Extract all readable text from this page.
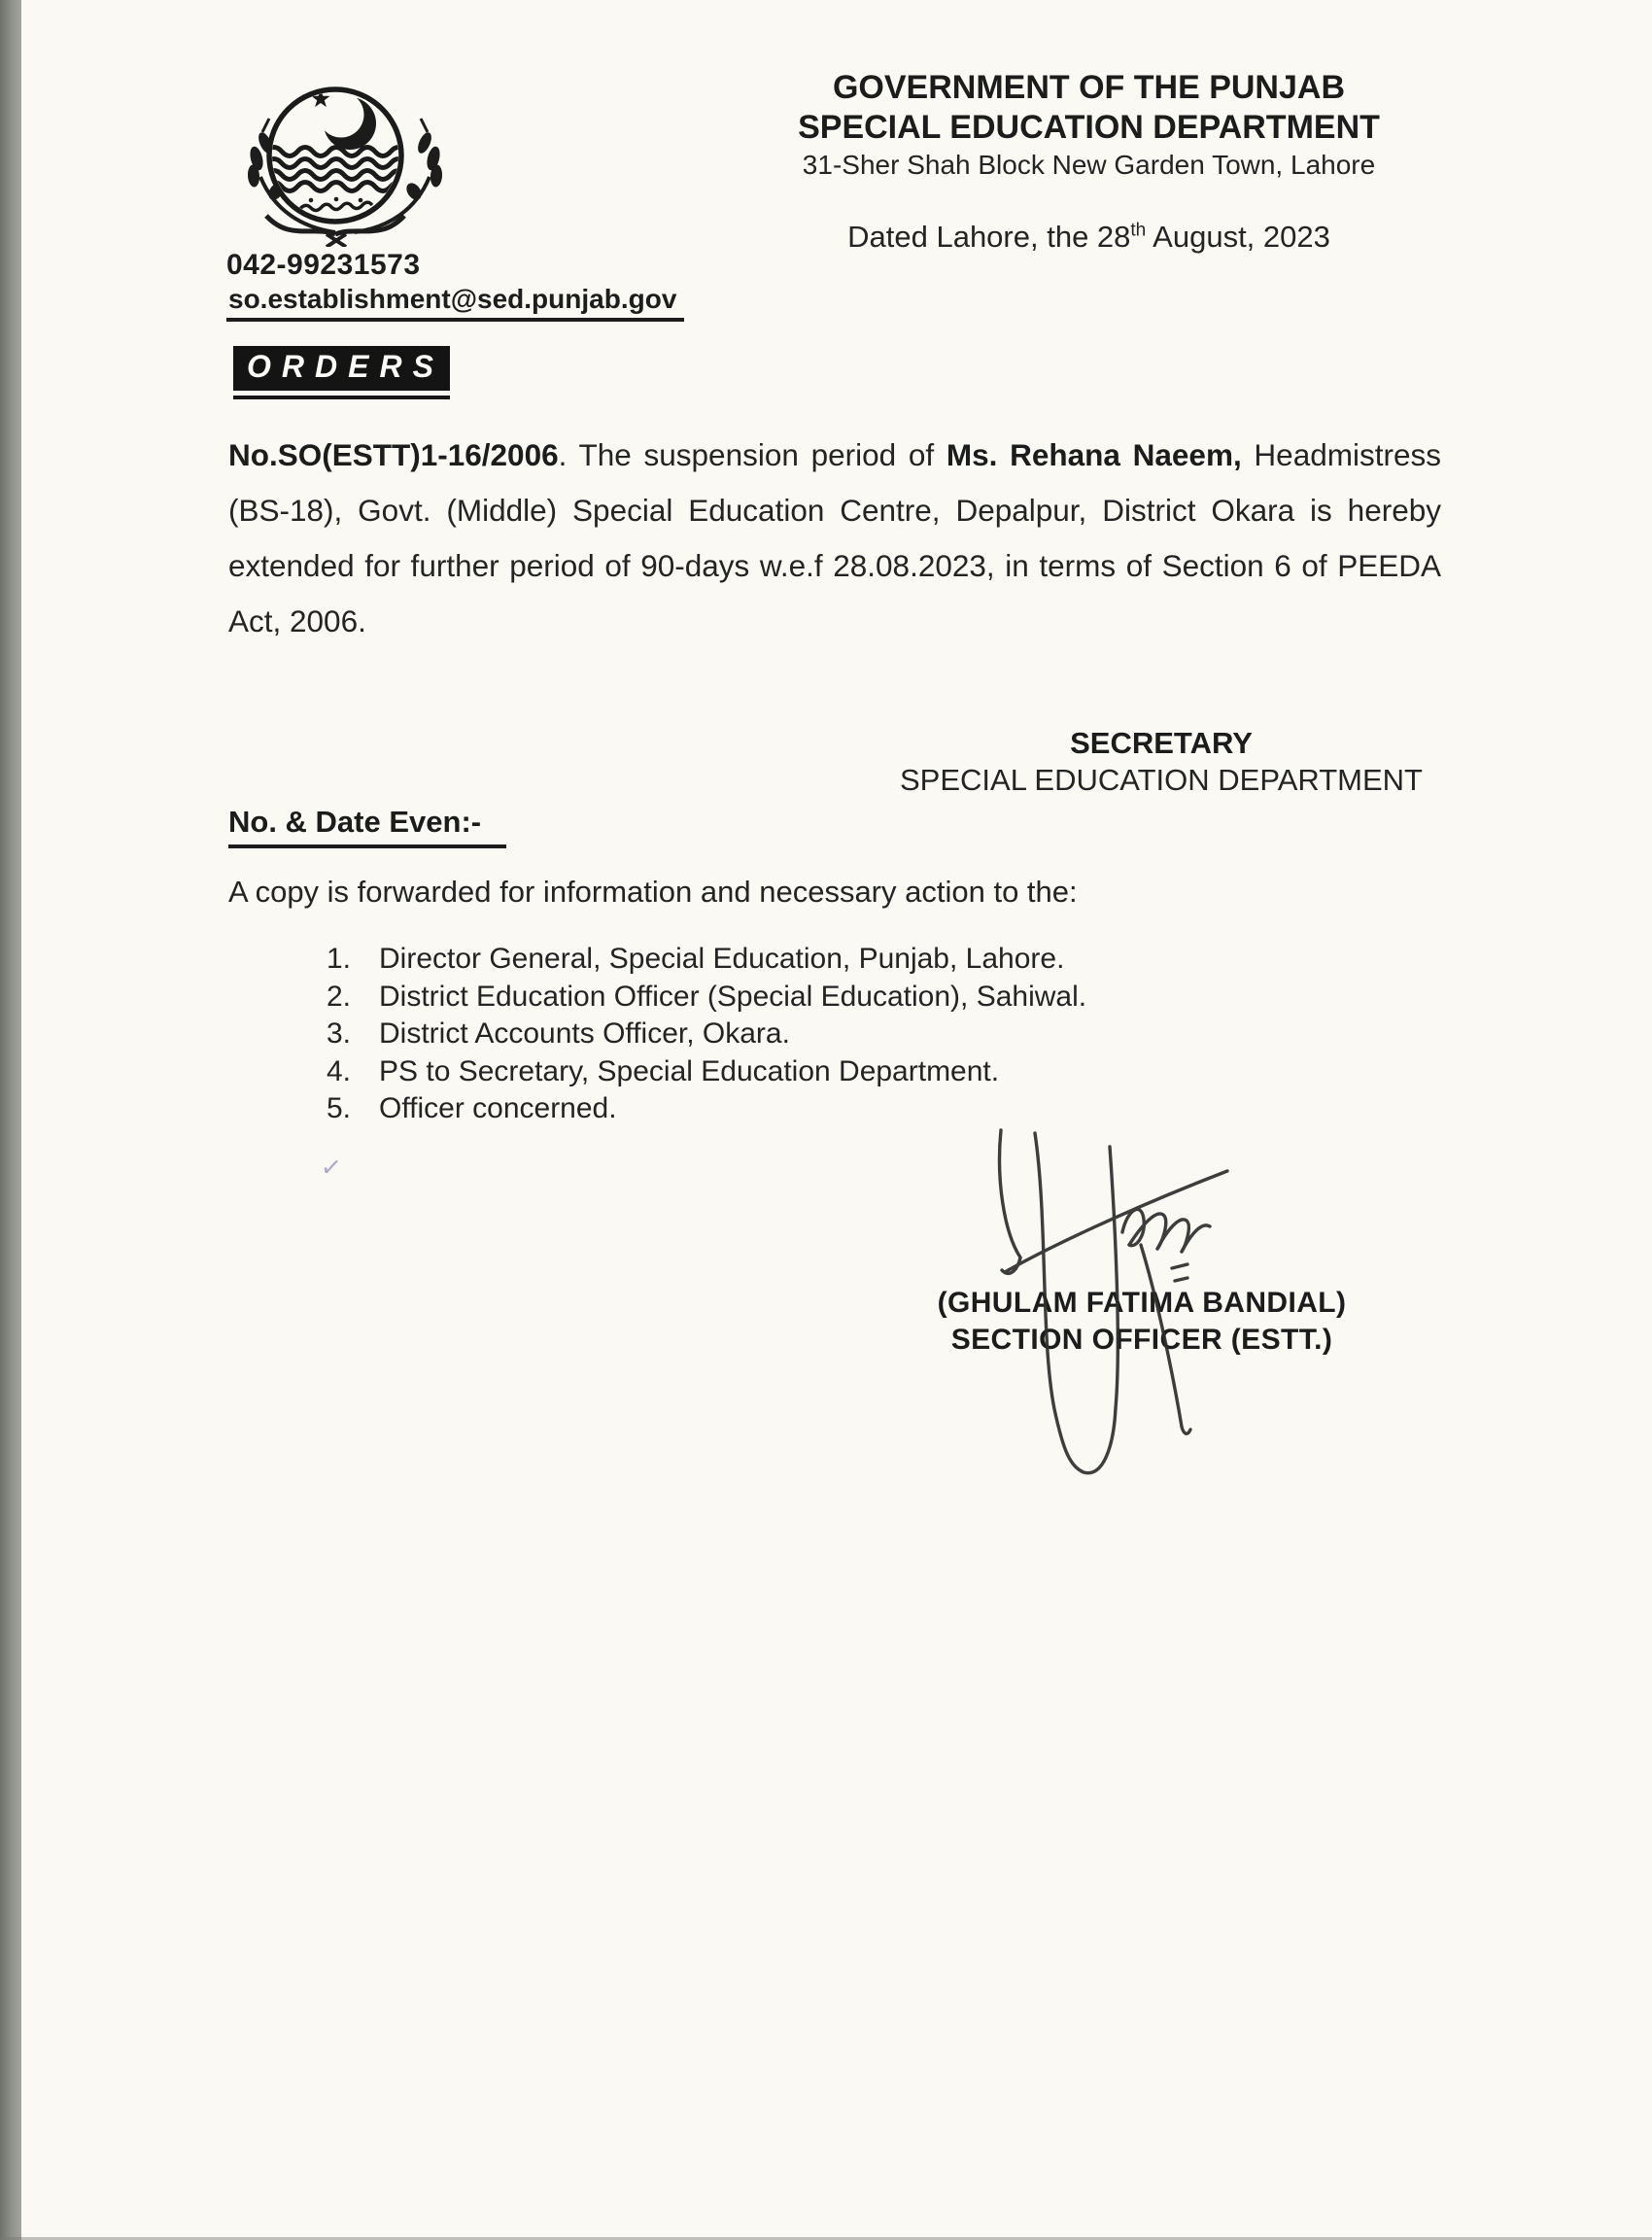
042-99231573
so.establishment@sed.punjab.gov
GOVERNMENT OF THE PUNJAB
SPECIAL EDUCATION DEPARTMENT
31-Sher Shah Block New Garden Town, Lahore
Dated Lahore, the 28th August, 2023
ORDERS

No.SO(ESTT)1-16/2006. The suspension period of Ms. Rehana Naeem, Headmistress (BS-18), Govt. (Middle) Special Education Centre, Depalpur, District Okara is hereby extended for further period of 90-days w.e.f 28.08.2023, in terms of Section 6 of PEEDA Act, 2006.

SECRETARY
SPECIAL EDUCATION DEPARTMENT
No. & Date Even:-
A copy is forwarded for information and necessary action to the:
1. Director General, Special Education, Punjab, Lahore.
2. District Education Officer (Special Education), Sahiwal.
3. District Accounts Officer, Okara.
4. PS to Secretary, Special Education Department.
5. Officer concerned.
✓
(GHULAM FATIMA BANDIAL)
SECTION OFFICER (ESTT.)
